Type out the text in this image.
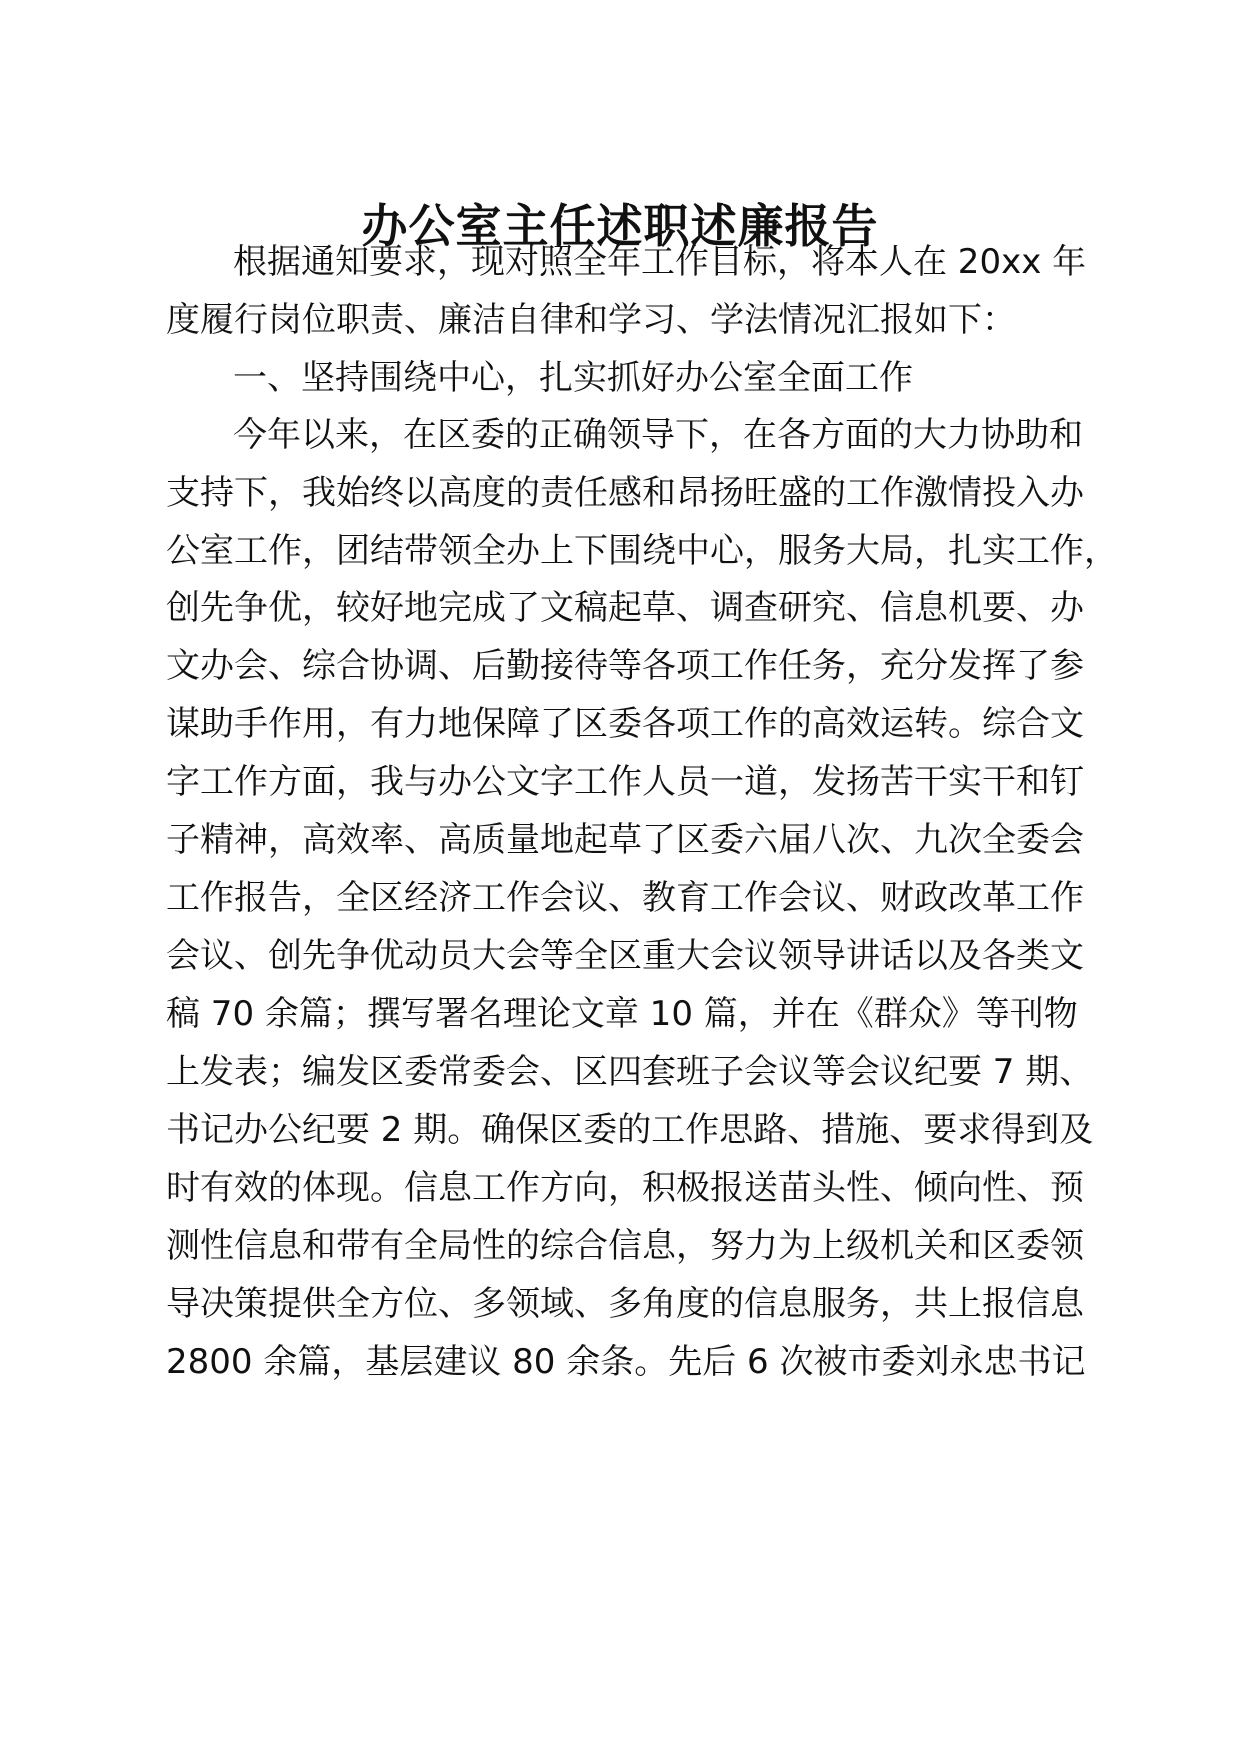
办公室主任述职述廉报告

根据通知要求，现对照全年工作目标，将本人在 20xx 年

度履行岗位职责、廉洁自律和学习、学法情况汇报如下：

一、坚持围绕中心，扎实抓好办公室全面工作

今年以来，在区委的正确领导下，在各方面的大力协助和

支持下，我始终以高度的责任感和昂扬旺盛的工作激情投入办

公室工作，团结带领全办上下围绕中心，服务大局，扎实工作，

创先争优，较好地完成了文稿起草、调查研究、信息机要、办

文办会、综合协调、后勤接待等各项工作任务，充分发挥了参

谋助手作用，有力地保障了区委各项工作的高效运转。综合文

字工作方面，我与办公文字工作人员一道，发扬苦干实干和钉

子精神，高效率、高质量地起草了区委六届八次、九次全委会

工作报告，全区经济工作会议、教育工作会议、财政改革工作

会议、创先争优动员大会等全区重大会议领导讲话以及各类文

稿 70 余篇；撰写署名理论文章 10 篇，并在《群众》等刊物

上发表；编发区委常委会、区四套班子会议等会议纪要 7 期、

书记办公纪要 2 期。确保区委的工作思路、措施、要求得到及

时有效的体现。信息工作方向，积极报送苗头性、倾向性、预

测性信息和带有全局性的综合信息，努力为上级机关和区委领

导决策提供全方位、多领域、多角度的信息服务，共上报信息

2800 余篇，基层建议 80 余条。先后 6 次被市委刘永忠书记
